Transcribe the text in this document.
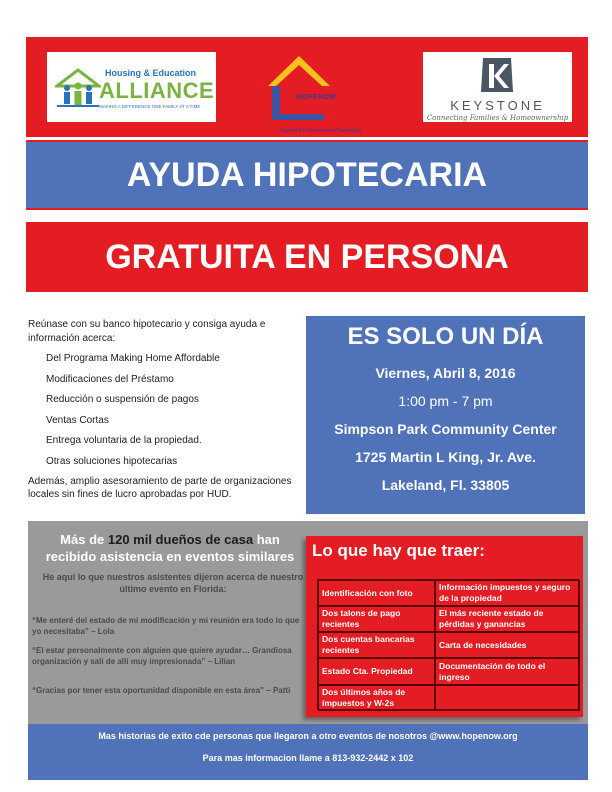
Housing & Education
ALLIANCE
MAKING A DIFFERENCE ONE FAMILY AT A TIME
HOPENOW
Support for Homeowners Nationwide
KEYSTONE
Connecting Families & Homeownership
AYUDA HIPOTECARIA
GRATUITA EN PERSONA

Reúnase con su banco hipotecario y consiga ayuda e información acerca:

Del Programa Making Home Affordable
Modificaciones del Préstamo
Reducción o suspensión de pagos
Ventas Cortas
Entrega voluntaria de la propiedad.
Otras soluciones hipotecarias

Además, amplio asesoramiento de parte de organizaciones locales sin fines de lucro aprobadas por HUD.

ES SOLO UN DÍA
Viernes, Abril 8, 2016
1:00 pm - 7 pm
Simpson Park Community Center
1725 Martin L King, Jr. Ave.
Lakeland, Fl. 33805
Más de 120 mil dueños de casa han recibido asistencia en eventos similares
He aquí lo que nuestros asistentes dijeron acerca de nuestro último evento en Florida:
“Me enteré del estado de mi modificación y mi reunión era todo lo que yo necesitaba” – Lola
“El estar personalmente con alguien que quiere ayudar… Grandiosa organización y salí de allí muy impresionada” – Lilian
“Gracias por tener esta oportunidad disponible en esta área” – Patti
Lo que hay que traer:
Identificación con foto
Información impuestos y seguro de la propiedad
Dos talons de pago recientes
El más reciente estado de pérdidas y ganancias
Dos cuentas bancarias recientes
Carta de necesidades
Estado Cta. Propiedad
Documentación de todo el ingreso
Dos últimos años de impuestos y W-2s
Mas historias de exito cde personas que llegaron a otro eventos de nosotros @www.hopenow.org
Para mas informacion llame a 813-932-2442 x 102
